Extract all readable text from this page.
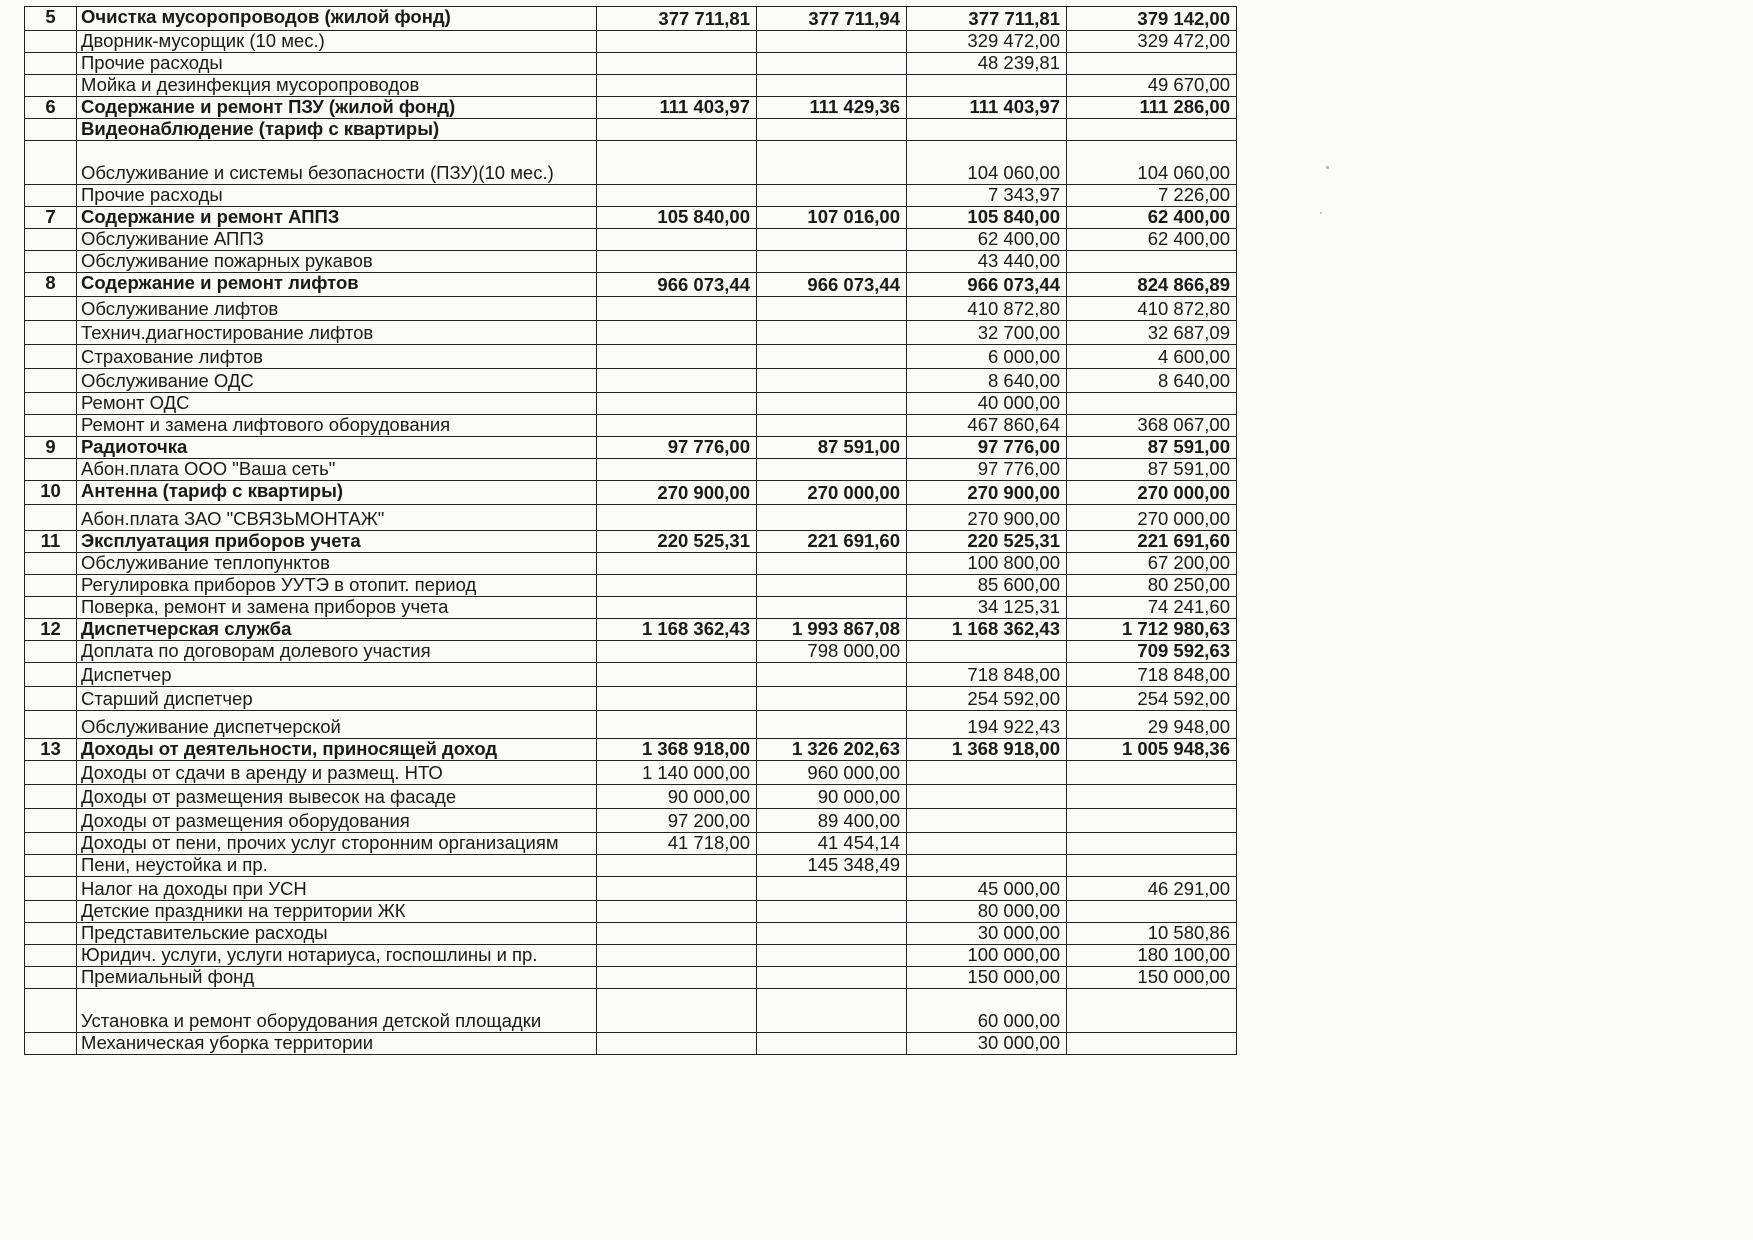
5	Очистка мусоропроводов (жилой фонд)	377 711,81	377 711,94	377 711,81	379 142,00
	Дворник-мусорщик (10 мес.)			329 472,00	329 472,00
	Прочие расходы			48 239,81	
	Мойка и дезинфекция мусоропроводов				49 670,00
6	Содержание и ремонт ПЗУ (жилой фонд)	111 403,97	111 429,36	111 403,97	111 286,00
	Видеонаблюдение (тариф с квартиры)				
	Обслуживание и системы безопасности (ПЗУ)(10 мес.)			104 060,00	104 060,00
	Прочие расходы			7 343,97	7 226,00
7	Содержание и ремонт АППЗ	105 840,00	107 016,00	105 840,00	62 400,00
	Обслуживание АППЗ			62 400,00	62 400,00
	Обслуживание пожарных рукавов			43 440,00	
8	Содержание и ремонт лифтов	966 073,44	966 073,44	966 073,44	824 866,89
	Обслуживание лифтов			410 872,80	410 872,80
	Технич.диагностирование лифтов			32 700,00	32 687,09
	Страхование лифтов			6 000,00	4 600,00
	Обслуживание ОДС			8 640,00	8 640,00
	Ремонт ОДС			40 000,00	
	Ремонт и замена лифтового оборудования			467 860,64	368 067,00
9	Радиоточка	97 776,00	87 591,00	97 776,00	87 591,00
	Абон.плата ООО "Ваша сеть"			97 776,00	87 591,00
10	Антенна (тариф с квартиры)	270 900,00	270 000,00	270 900,00	270 000,00
	Абон.плата ЗАО "СВЯЗЬМОНТАЖ"			270 900,00	270 000,00
11	Эксплуатация приборов учета	220 525,31	221 691,60	220 525,31	221 691,60
	Обслуживание теплопунктов			100 800,00	67 200,00
	Регулировка приборов УУТЭ в отопит. период			85 600,00	80 250,00
	Поверка, ремонт и замена приборов учета			34 125,31	74 241,60
12	Диспетчерская служба	1 168 362,43	1 993 867,08	1 168 362,43	1 712 980,63
	Доплата по договорам долевого участия		798 000,00		709 592,63
	Диспетчер			718 848,00	718 848,00
	Старший диспетчер			254 592,00	254 592,00
	Обслуживание диспетчерской			194 922,43	29 948,00
13	Доходы от деятельности, приносящей доход	1 368 918,00	1 326 202,63	1 368 918,00	1 005 948,36
	Доходы от сдачи в аренду и размещ. НТО	1 140 000,00	960 000,00		
	Доходы от размещения вывесок на фасаде	90 000,00	90 000,00		
	Доходы от размещения оборудования	97 200,00	89 400,00		
	Доходы от пени, прочих услуг сторонним организациям	41 718,00	41 454,14		
	Пени, неустойка и пр.		145 348,49		
	Налог на доходы при УСН			45 000,00	46 291,00
	Детские праздники на территории ЖК			80 000,00	
	Представительские расходы			30 000,00	10 580,86
	Юридич. услуги, услуги нотариуса, госпошлины и пр.			100 000,00	180 100,00
	Премиальный фонд			150 000,00	150 000,00
	Установка и ремонт оборудования детской площадки			60 000,00	
	Механическая уборка территории			30 000,00	
